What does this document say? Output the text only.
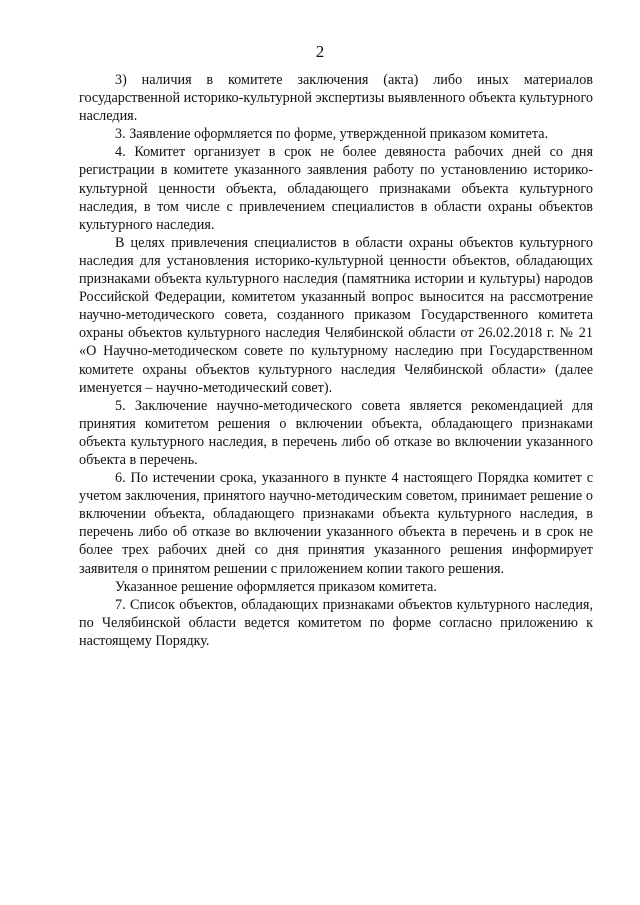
2

3) наличия в комитете заключения (акта) либо иных материалов государственной историко-культурной экспертизы выявленного объекта культурного наследия.

3. Заявление оформляется по форме, утвержденной приказом комитета.

4. Комитет организует в срок не более девяноста рабочих дней со дня регистрации в комитете указанного заявления работу по установлению историко-культурной ценности объекта, обладающего признаками объекта культурного наследия, в том числе с привлечением специалистов в области охраны объектов культурного наследия.

В целях привлечения специалистов в области охраны объектов культурного наследия для установления историко-культурной ценности объектов, обладающих признаками объекта культурного наследия (памятника истории и культуры) народов Российской Федерации, комитетом указанный вопрос выносится на рассмотрение научно-методического совета, созданного приказом Государственного комитета охраны объектов культурного наследия Челябинской области от 26.02.2018 г. № 21 «О Научно-методическом совете по культурному наследию при Государственном комитете охраны объектов культурного наследия Челябинской области» (далее именуется – научно-методический совет).

5. Заключение научно-методического совета является рекомендацией для принятия комитетом решения о включении объекта, обладающего признаками объекта культурного наследия, в перечень либо об отказе во включении указанного объекта в перечень.

6. По истечении срока, указанного в пункте 4 настоящего Порядка комитет с учетом заключения, принятого научно-методическим советом, принимает решение о включении объекта, обладающего признаками объекта культурного наследия, в перечень либо об отказе во включении указанного объекта в перечень и в срок не более трех рабочих дней со дня принятия указанного решения информирует заявителя о принятом решении с приложением копии такого решения.

Указанное решение оформляется приказом комитета.

7. Список объектов, обладающих признаками объектов культурного наследия, по Челябинской области ведется комитетом по форме согласно приложению к настоящему Порядку.
